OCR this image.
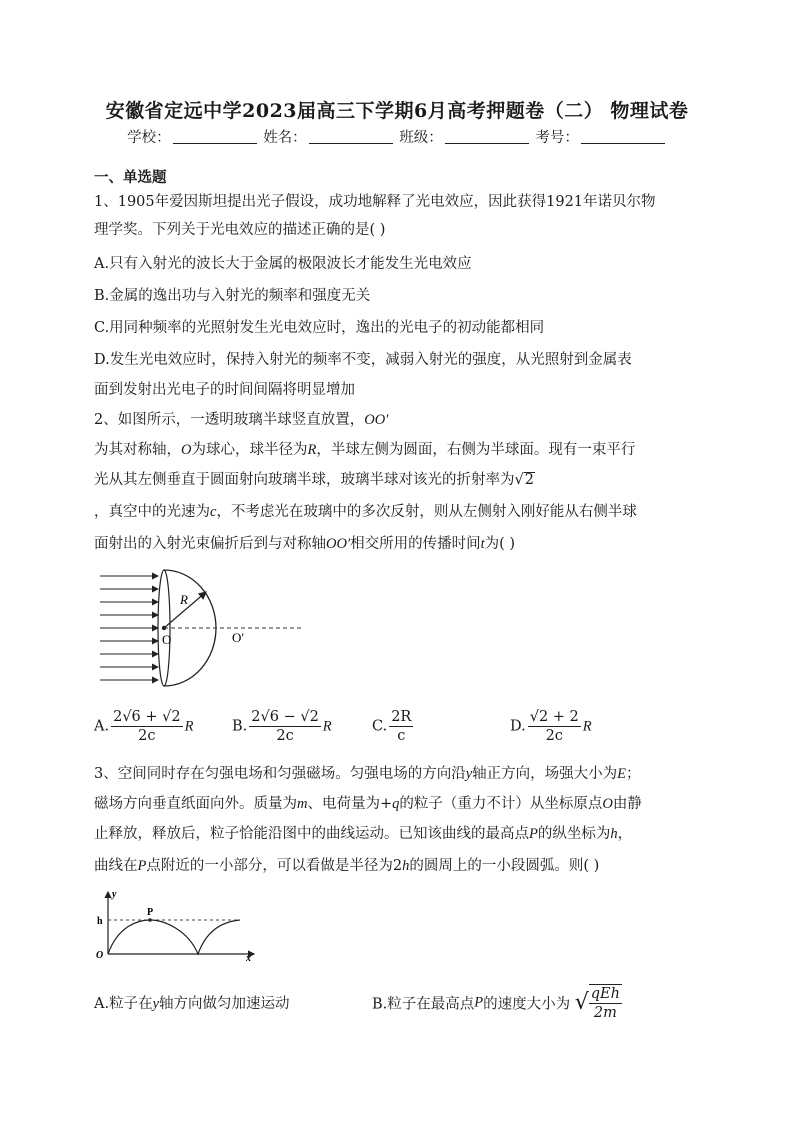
安徽省定远中学2023届高三下学期6月高考押题卷（二） 物理试卷
学校：	姓名：	班级：	考号：
一、单选题
1、1905年爱因斯坦提出光子假设，成功地解释了光电效应，因此获得1921年诺贝尔物
理学奖。下列关于光电效应的描述正确的是( )
A.只有入射光的波长大于金属的极限波长才能发生光电效应
B.金属的逸出功与入射光的频率和强度无关
C.用同种频率的光照射发生光电效应时，逸出的光电子的初动能都相同
D.发生光电效应时，保持入射光的频率不变，减弱入射光的强度，从光照射到金属表
面到发射出光电子的时间间隔将明显增加
2、如图所示，一透明玻璃半球竖直放置，OO′
为其对称轴，O为球心，球半径为R，半球左侧为圆面，右侧为半球面。现有一束平行
光从其左侧垂直于圆面射向玻璃半球，玻璃半球对该光的折射率为√2
，真空中的光速为c，不考虑光在玻璃中的多次反射，则从左侧射入刚好能从右侧半球
面射出的入射光束偏折后到与对称轴OO′相交所用的传播时间t为( )
R
O	O′
A. $\frac{2√6 + √2}{2c}$ R	B. $\frac{2√6 - √2}{2c}$ R	C. $\frac{2R}{c}$	D. $\frac{√2 + 2}{2c}$ R
3、空间同时存在匀强电场和匀强磁场。匀强电场的方向沿y轴正方向，场强大小为E；
磁场方向垂直纸面向外。质量为m、电荷量为+q的粒子（重力不计）从坐标原点O由静
止释放，释放后，粒子恰能沿图中的曲线运动。已知该曲线的最高点P的纵坐标为h，
曲线在P点附近的一小部分，可以看做是半径为2h的圆周上的一小段圆弧。则( )
y
h
P
O	x
A.粒子在y轴方向做匀加速运动	B.粒子在最高点P的速度大小为 √ $\frac{\text{qEh}}{2m}$
